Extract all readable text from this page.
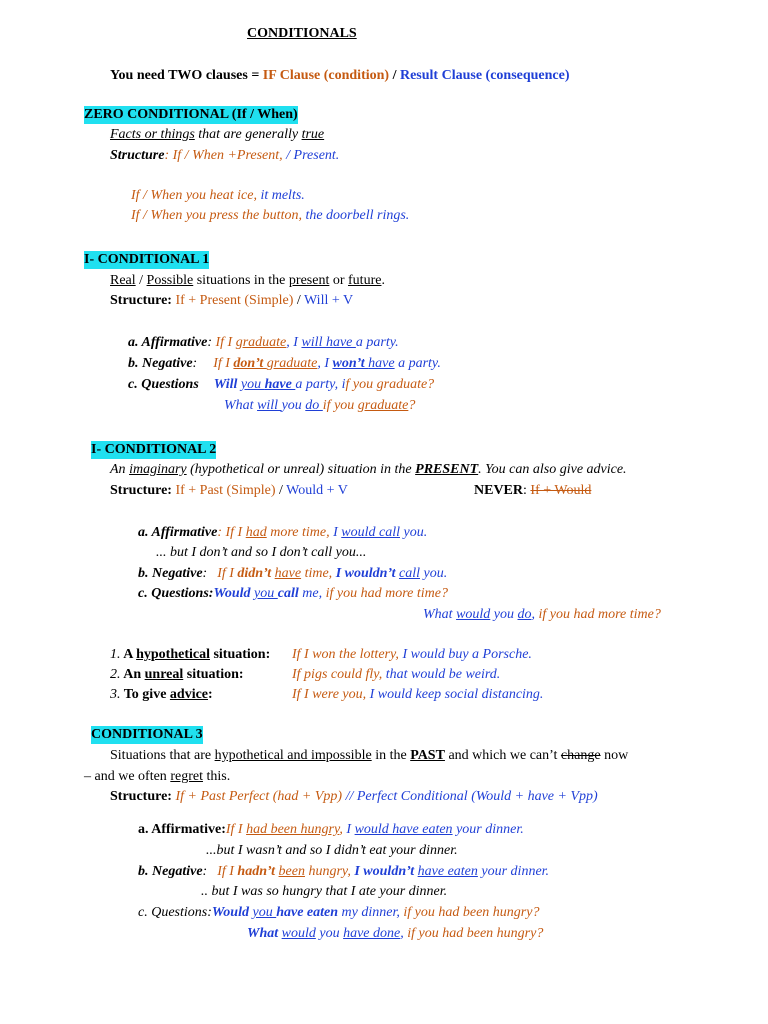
CONDITIONALS
You need TWO clauses = IF Clause (condition) / Result Clause (consequence)
ZERO CONDITIONAL (If / When)
Facts or things that are generally true
Structure: If / When +Present, / Present.
If / When you heat ice, it melts.
If / When you press the button, the doorbell rings.
I- CONDITIONAL 1
Real / Possible situations in the present or future.
Structure: If + Present (Simple) / Will + V
a. Affirmative: If I graduate, I will have a party.
b. Negative: If I don’t graduate, I won’t have a party.
c. Questions Will you have a party, if you graduate?
What will you do if you graduate?
I- CONDITIONAL 2
An imaginary (hypothetical or unreal) situation in the PRESENT. You can also give advice.
Structure: If + Past (Simple) / Would + V	NEVER: If + Would
a. Affirmative: If I had more time, I would call you.
... but I don’t and so I don’t call you...
b. Negative: If I didn’t have time, I wouldn’t call you.
c. Questions:Would you call me, if you had more time?
What would you do, if you had more time?
1. A hypothetical situation: If I won the lottery, I would buy a Porsche.
2. An unreal situation:	If pigs could fly, that would be weird.
3. To give advice:	If I were you, I would keep social distancing.
CONDITIONAL 3
Situations that are hypothetical and impossible in the PAST and which we can’t change now
– and we often regret this.
Structure: If + Past Perfect (had + Vpp) // Perfect Conditional (Would + have + Vpp)
a. Affirmative:If I had been hungry, I would have eaten your dinner.
...but I wasn’t and so I didn’t eat your dinner.
b. Negative: If I hadn’t been hungry, I wouldn’t have eaten your dinner.
.. but I was so hungry that I ate your dinner.
c. Questions:Would you have eaten my dinner, if you had been hungry?
What would you have done, if you had been hungry?
